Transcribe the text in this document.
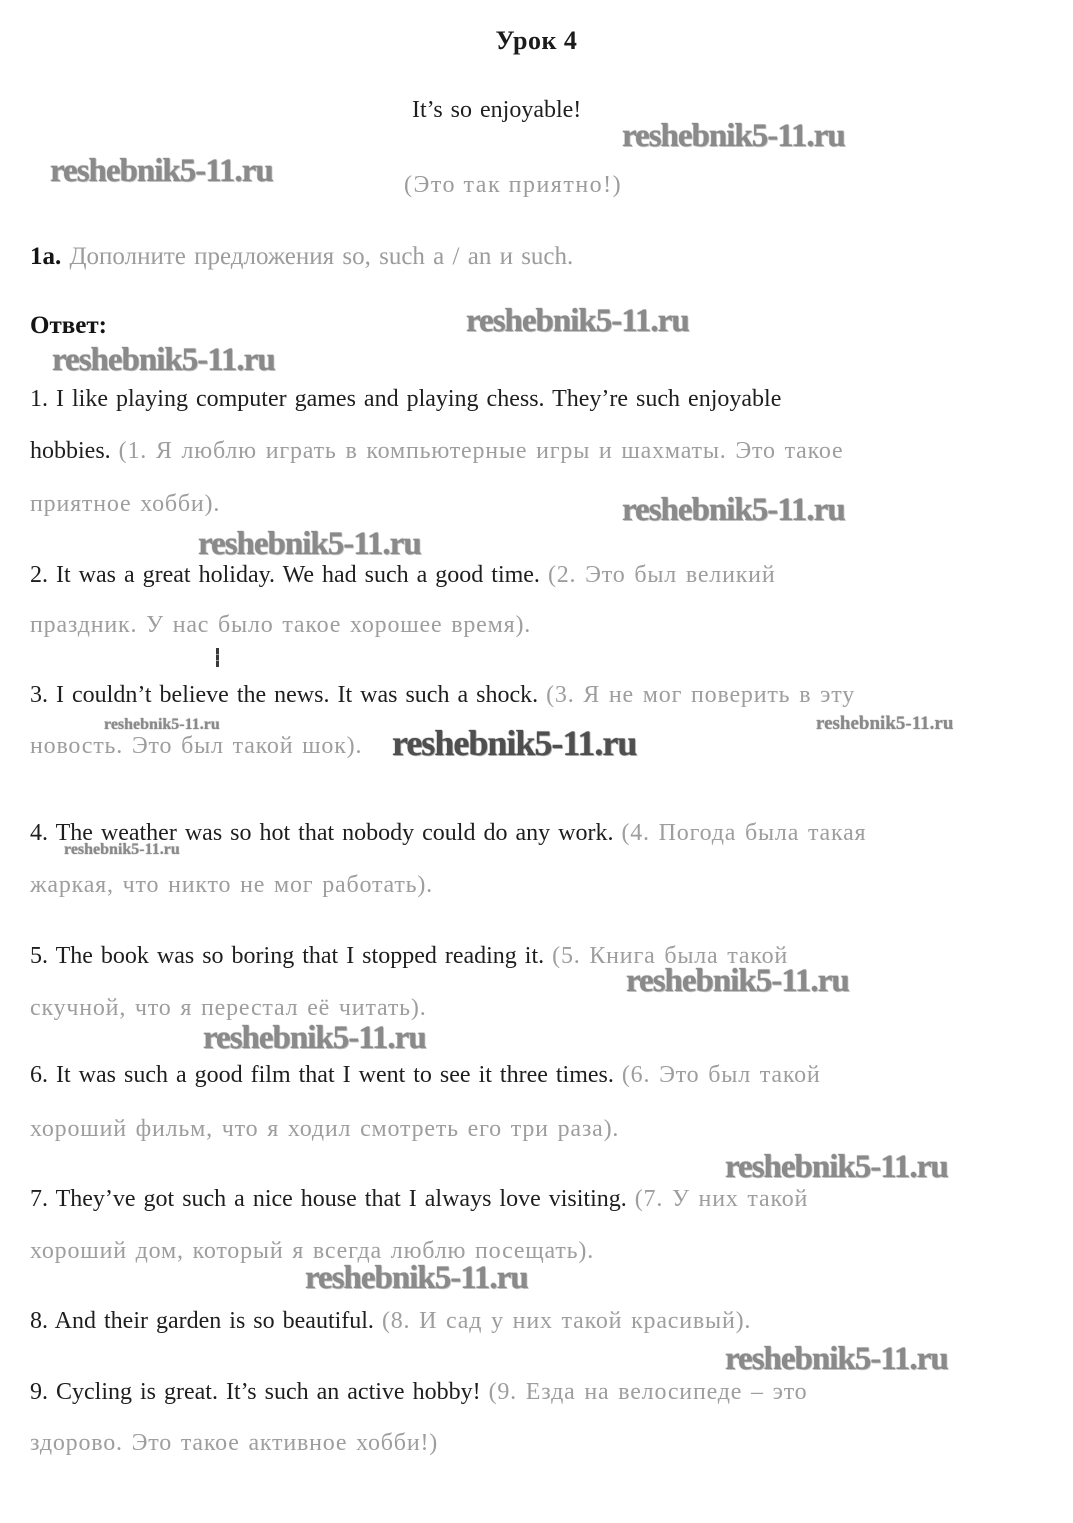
Урок 4
It’s so enjoyable!
reshebnik5-11.ru
reshebnik5-11.ru	(Это так приятно!)
1a. Дополните предложения so, such a / an и such.
reshebnik5-11.ru
Ответ:
reshebnik5-11.ru
1. I like playing computer games and playing chess. They’re such enjoyable
hobbies. (1. Я люблю играть в компьютерные игры и шахматы. Это такое
приятное хобби).	reshebnik5-11.ru
reshebnik5-11.ru
2. It was a great holiday. We had such a good time. (2. Это был великий
праздник. У нас было такое хорошее время).
3. I couldn’t believe the news. It was such a shock. (3. Я не мог поверить в эту
reshebnik5-11.ru	reshebnik5-11.ru
новость. Это был такой шок). reshebnik5-11.ru
4. The weather was so hot that nobody could do any work. (4. Погода была такая
reshebnik5-11.ru
жаркая, что никто не мог работать).
5. The book was so boring that I stopped reading it. (5. Книга была такой
reshebnik5-11.ru
скучной, что я перестал её читать).
reshebnik5-11.ru
6. It was such a good film that I went to see it three times. (6. Это был такой
хороший фильм, что я ходил смотреть его три раза).
reshebnik5-11.ru
7. They’ve got such a nice house that I always love visiting. (7. У них такой
хороший дом, который я всегда люблю посещать).
reshebnik5-11.ru
8. And their garden is so beautiful. (8. И сад у них такой красивый).
reshebnik5-11.ru
9. Cycling is great. It’s such an active hobby! (9. Езда на велосипеде – это
здорово. Это такое активное хобби!)
